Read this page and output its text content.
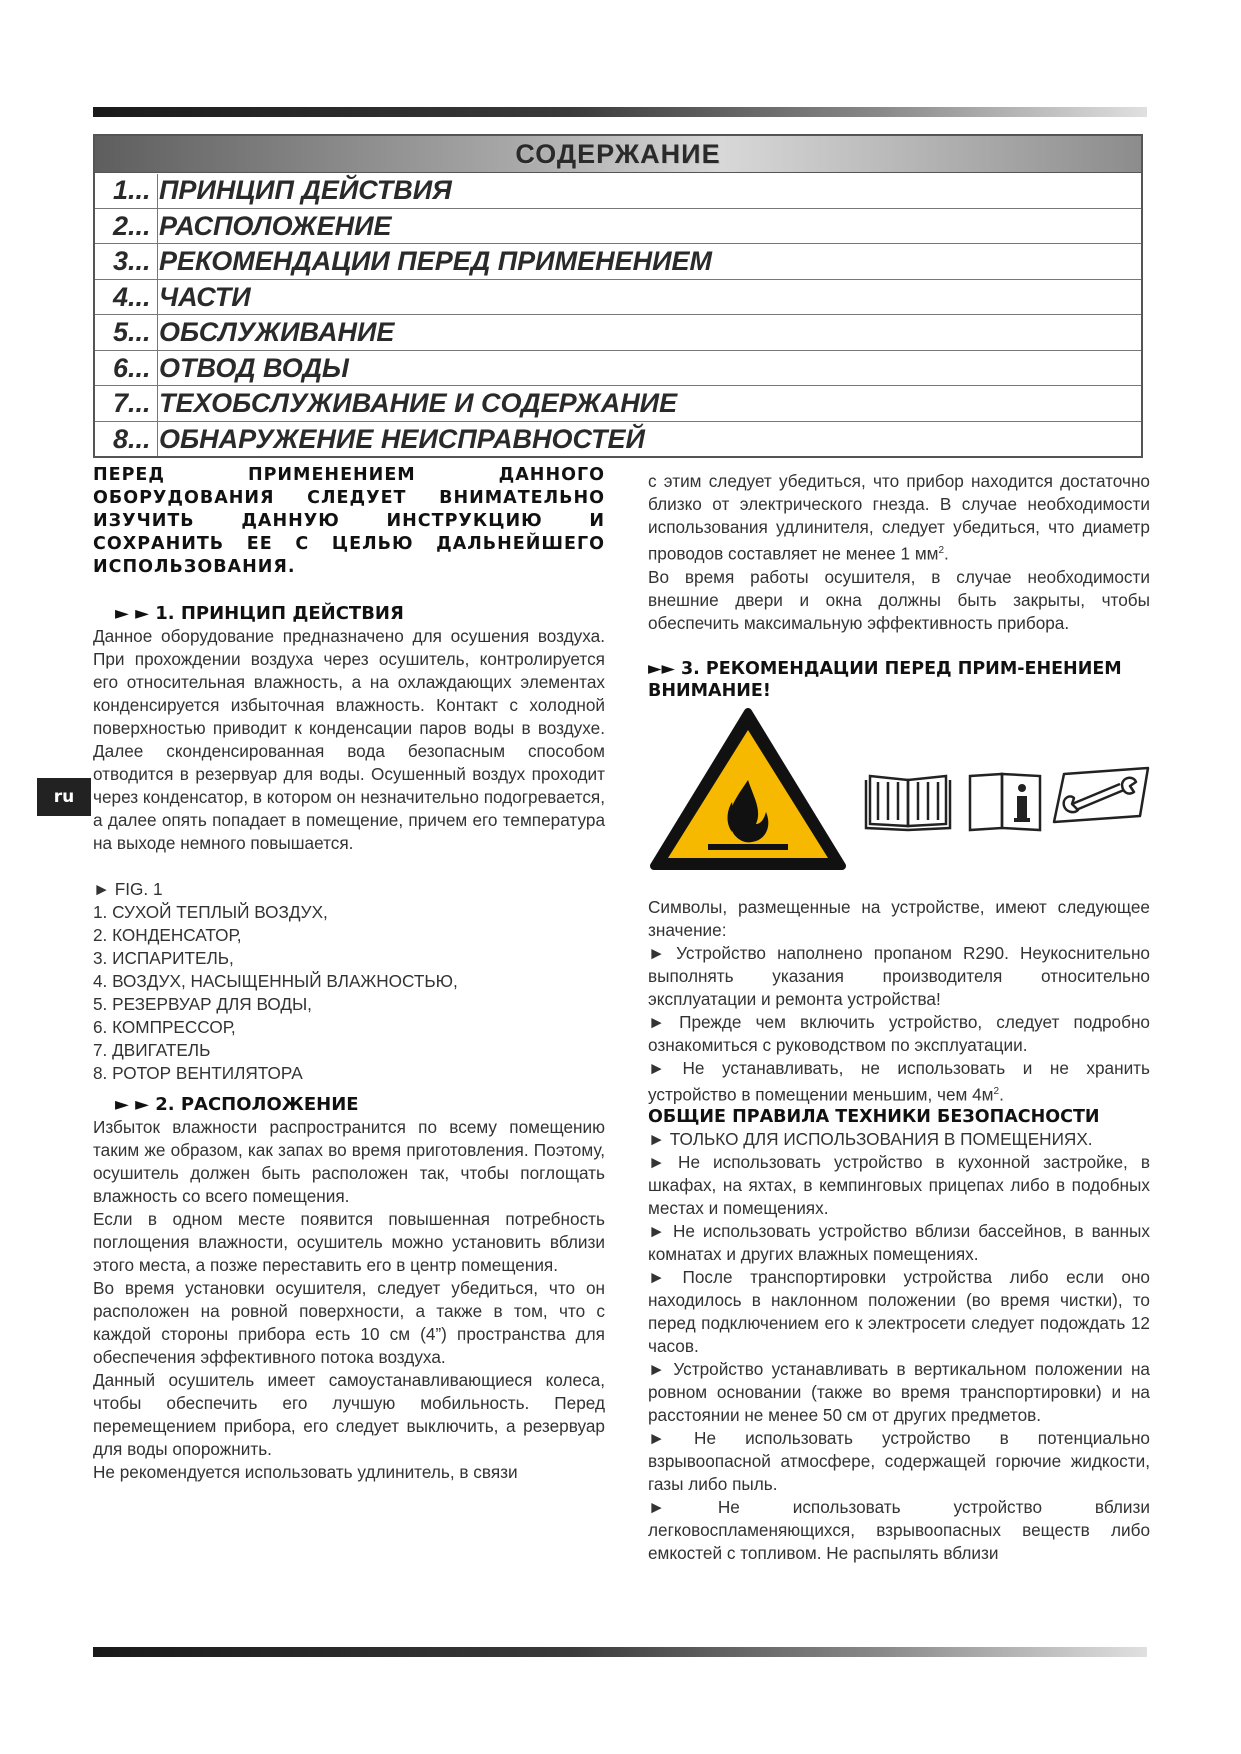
СОДЕРЖАНИЕ
1... ПРИНЦИП ДЕЙСТВИЯ
2... РАСПОЛОЖЕНИЕ
3... РЕКОМЕНДАЦИИ ПЕРЕД ПРИМЕНЕНИЕМ
4... ЧАСТИ
5... ОБСЛУЖИВАНИЕ
6... ОТВОД ВОДЫ
7... ТЕХОБСЛУЖИВАНИЕ И СОДЕРЖАНИЕ
8... ОБНАРУЖЕНИЕ НЕИСПРАВНОСТЕЙ
ru

ПЕРЕД ПРИМЕНЕНИЕМ ДАННОГО ОБОРУДОВАНИЯ СЛЕДУЕТ ВНИМАТЕЛЬНО ИЗУЧИТЬ ДАННУЮ ИНСТРУКЦИЮ И СОХРАНИТЬ ЕЕ С ЦЕЛЬЮ ДАЛЬНЕЙШЕГО ИСПОЛЬЗОВАНИЯ.

► ► 1. ПРИНЦИП ДЕЙСТВИЯ

Данное оборудование предназначено для осушения воздуха. При прохождении воздуха через осушитель, контролируется его относительная влажность, а на охлаждающих элементах конденсируется избыточная влажность. Контакт с холодной поверхностью приводит к конденсации паров воды в воздухе. Далее сконденсированная вода безопасным способом отводится в резервуар для воды. Осушенный воздух проходит через конденсатор, в котором он незначительно подогревается, а далее опять попадает в помещение, причем его температура на выходе немного повышается.

► FIG. 1

1. СУХОЙ ТЕПЛЫЙ ВОЗДУХ,

2. КОНДЕНСАТОР,

3. ИСПАРИТЕЛЬ,

4. ВОЗДУХ, НАСЫЩЕННЫЙ ВЛАЖНОСТЬЮ,

5. РЕЗЕРВУАР ДЛЯ ВОДЫ,

6. КОМПРЕССОР,

7. ДВИГАТЕЛЬ

8. РОТОР ВЕНТИЛЯТОРА

► ► 2. РАСПОЛОЖЕНИЕ

Избыток влажности распространится по всему помещению таким же образом, как запах во время приготовления. Поэтому, осушитель должен быть расположен так, чтобы поглощать влажность со всего помещения.

Если в одном месте появится повышенная потребность поглощения влажности, осушитель можно установить вблизи этого места, а позже переставить его в центр помещения.

Во время установки осушителя, следует убедиться, что он расположен на ровной поверхности, а также в том, что с каждой стороны прибора есть 10 см (4”) пространства для обеспечения эффективного потока воздуха.

Данный осушитель имеет самоустанавливающиеся колеса, чтобы обеспечить его лучшую мобильность. Перед перемещением прибора, его следует выключить, а резервуар для воды опорожнить.

Не рекомендуется использовать удлинитель, в связи

с этим следует убедиться, что прибор находится достаточно близко от электрического гнезда. В случае необходимости использования удлинителя, следует убедиться, что диаметр проводов составляет не менее 1 $мм^2$.

Во время работы осушителя, в случае необходимости внешние двери и окна должны быть закрыты, чтобы обеспечить максимальную эффективность прибора.

►► 3. РЕКОМЕНДАЦИИ ПЕРЕД ПРИМ-ЕНЕНИЕМ

ВНИМАНИЕ!

Символы, размещенные на устройстве, имеют следующее значение:

► Устройство наполнено пропаном R290. Неукоснительно выполнять указания производителя относительно эксплуатации и ремонта устройства!

► Прежде чем включить устройство, следует подробно ознакомиться с руководством по эксплуатации.

► Не устанавливать, не использовать и не хранить устройство в помещении меньшим, чем $4м^2$.

ОБЩИЕ ПРАВИЛА ТЕХНИКИ БЕЗОПАСНОСТИ

► ТОЛЬКО ДЛЯ ИСПОЛЬЗОВАНИЯ В ПОМЕЩЕНИЯХ.

► Не использовать устройство в кухонной застройке, в шкафах, на яхтах, в кемпинговых прицепах либо в подобных местах и помещениях.

► Не использовать устройство вблизи бассейнов, в ванных комнатах и других влажных помещениях.

► После транспортировки устройства либо если оно находилось в наклонном положении (во время чистки), то перед подключением его к электросети следует подождать 12 часов.

► Устройство устанавливать в вертикальном положении на ровном основании (также во время транспортировки) и на расстоянии не менее 50 см от других предметов.

► Не использовать устройство в потенциально взрывоопасной атмосфере, содержащей горючие жидкости, газы либо пыль.

► Не использовать устройство вблизи легковоспламеняющихся, взрывоопасных веществ либо емкостей с топливом. Не распылять вблизи
